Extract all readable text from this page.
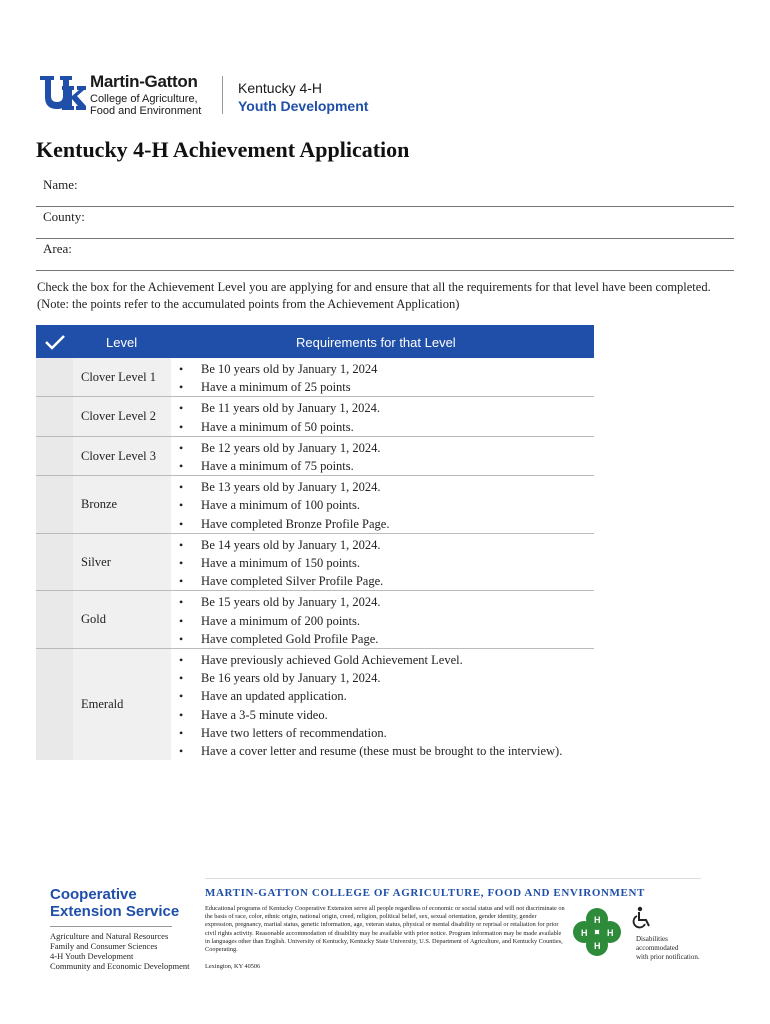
Martin-Gatton
College of Agriculture,
Food and Environment
Kentucky 4-H
Youth Development
Kentucky 4-H Achievement Application
Name:
County:
Area:
Check the box for the Achievement Level you are applying for and ensure that all the requirements for that level have been completed. (Note: the points refer to the accumulated points from the Achievement Application)
Level	Requirements for that Level
Clover Level 1
• Be 10 years old by January 1, 2024
• Have a minimum of 25 points
Clover Level 2
• Be 11 years old by January 1, 2024.
• Have a minimum of 50 points.
Clover Level 3
• Be 12 years old by January 1, 2024.
• Have a minimum of 75 points.
Bronze
• Be 13 years old by January 1, 2024.
• Have a minimum of 100 points.
• Have completed Bronze Profile Page.
Silver
• Be 14 years old by January 1, 2024.
• Have a minimum of 150 points.
• Have completed Silver Profile Page.
Gold
• Be 15 years old by January 1, 2024.
• Have a minimum of 200 points.
• Have completed Gold Profile Page.
Emerald
• Have previously achieved Gold Achievement Level.
• Be 16 years old by January 1, 2024.
• Have an updated application.
• Have a 3-5 minute video.
• Have two letters of recommendation.
• Have a cover letter and resume (these must be brought to the interview).
Cooperative
Extension Service
Agriculture and Natural Resources
Family and Consumer Sciences
4-H Youth Development
Community and Economic Development
MARTIN-GATTON COLLEGE OF AGRICULTURE, FOOD AND ENVIRONMENT
Educational programs of Kentucky Cooperative Extension serve all people regardless of economic or social status and will not discriminate on the basis of race, color, ethnic origin, national origin, creed, religion, political belief, sex, sexual orientation, gender identity, gender expression, pregnancy, marital status, genetic information, age, veteran status, physical or mental disability or reprisal or retaliation for prior civil rights activity. Reasonable accommodation of disability may be available with prior notice. Program information may be made available in languages other than English. University of Kentucky, Kentucky State University, U.S. Department of Agriculture, and Kentucky Counties, Cooperating.
Lexington, KY 40506
H
H
H H
Disabilities
accommodated
with prior notification.
